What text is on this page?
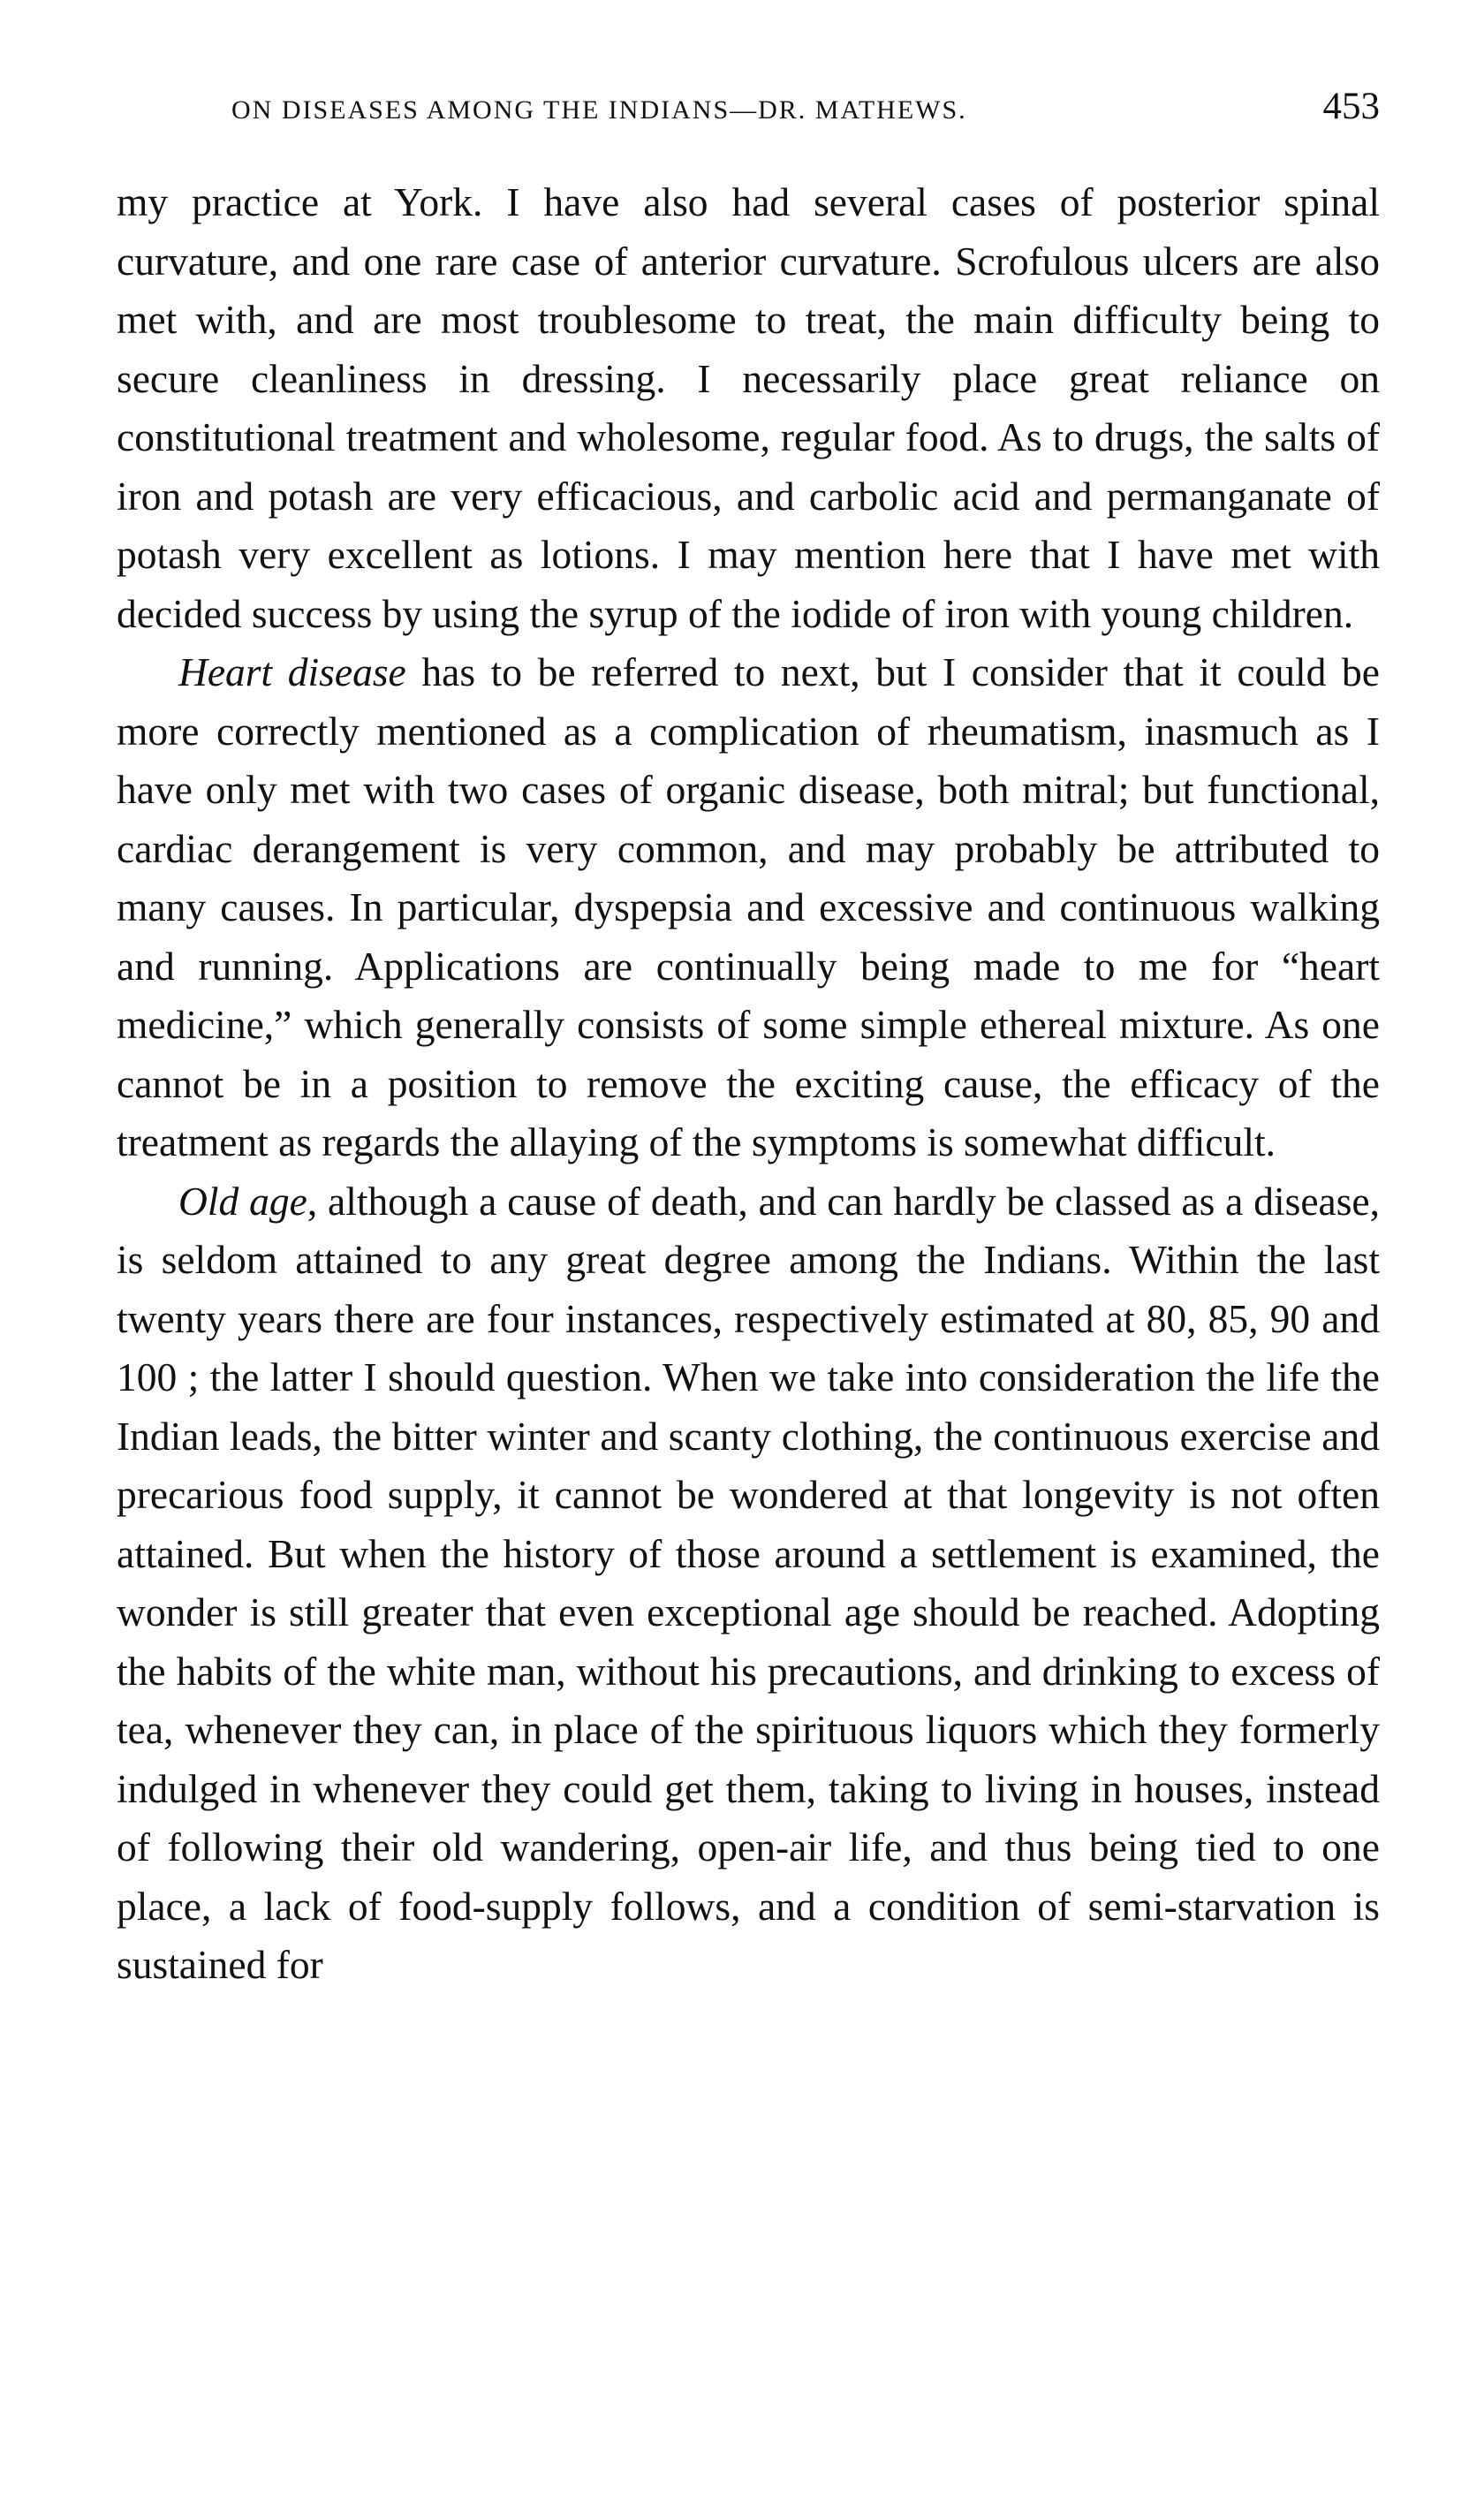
ON DISEASES AMONG THE INDIANS—DR. MATHEWS.	453

my practice at York. I have also had several cases of posterior spinal curvature, and one rare case of anterior curvature. Scrofulous ulcers are also met with, and are most troublesome to treat, the main difficulty being to secure cleanliness in dressing. I necessarily place great reliance on constitutional treatment and wholesome, regular food. As to drugs, the salts of iron and potash are very efficacious, and carbolic acid and permanganate of potash very excellent as lotions. I may mention here that I have met with decided success by using the syrup of the iodide of iron with young children.

Heart disease has to be referred to next, but I consider that it could be more correctly mentioned as a complication of rheumatism, inasmuch as I have only met with two cases of organic disease, both mitral; but functional, cardiac derangement is very common, and may probably be attributed to many causes. In particular, dyspepsia and excessive and continuous walking and running. Applications are continually being made to me for “heart medicine,” which generally consists of some simple ethereal mixture. As one cannot be in a position to remove the exciting cause, the efficacy of the treatment as regards the allaying of the symptoms is somewhat difficult.

Old age, although a cause of death, and can hardly be classed as a disease, is seldom attained to any great degree among the Indians. Within the last twenty years there are four instances, respectively estimated at 80, 85, 90 and 100 ; the latter I should question. When we take into consideration the life the Indian leads, the bitter winter and scanty clothing, the continuous exercise and precarious food supply, it cannot be wondered at that longevity is not often attained. But when the history of those around a settlement is examined, the wonder is still greater that even exceptional age should be reached. Adopting the habits of the white man, without his precautions, and drinking to excess of tea, whenever they can, in place of the spirituous liquors which they formerly indulged in whenever they could get them, taking to living in houses, instead of following their old wandering, open-air life, and thus being tied to one place, a lack of food-supply follows, and a condition of semi-starvation is sustained for
